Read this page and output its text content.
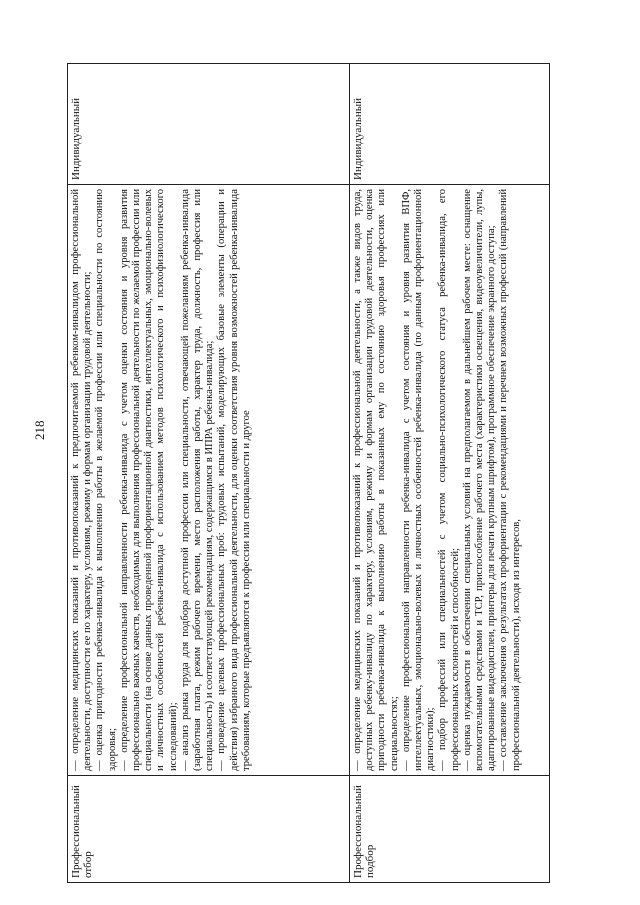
218
Профессиональный отбор	— определение медицинских показаний и противопоказаний к предпочитаемой ребенком-инвалидом профессиональной деятельности, доступности ее по характеру, условиям, режиму и формам организации трудовой деятельности; — оценка пригодности ребенка-инвалида к выполнению работы в желаемой профессии или специальности по состоянию здоровья; — определение профессиональной направленности ребенка-инвалида с учетом оценки состояния и уровня развития профессионально важных качеств, необходимых для выполнения профессиональной деятельности по желаемой профессии или специальности (на основе данных проведенной профориентационной диагностики, интеллектуальных, эмоционально-волевых и личностных особенностей ребенка-инвалида с использованием методов психологического и психофизиологического исследований); — анализ рынка труда для подбора доступной профессии или специальности, отвечающей пожеланиям ребенка-инвалида (заработная плата, режим рабочего времени, место расположения работы, характер труда, должность, профессия или специальность) и соответствующей рекомендациям, содержащимся в ИПРА ребенка-инвалида; — проведение целевых профессиональных проб: трудовых испытаний, моделирующих базовые элементы (операции и действия) избранного вида профессиональной деятельности, для оценки соответствия уровня возможностей ребенка-инвалида требованиям, которые предъявляются к профессии или специальности и другое	Индивидуальный
Профессиональный подбор	— определение медицинских показаний и противопоказаний к профессиональной деятельности, а также видов труда, доступных ребенку-инвалиду по характеру, условиям, режиму и формам организации трудовой деятельности, оценка пригодности ребенка-инвалида к выполнению работы в показанных ему по состоянию здоровья профессиях или специальностях; — определение профессиональной направленности ребенка-инвалида с учетом состояния и уровня развития ВПФ, интеллектуальных, эмоционально-волевых и личностных особенностей ребенка-инвалида (по данным профориентационной диагностики); — подбор профессий или специальностей с учетом социально-психологического статуса ребенка-инвалида, его профессиональных склонностей и способностей; — оценка нуждаемости в обеспечении специальных условий на предполагаемом в дальнейшем рабочем месте: оснащение вспомогательными средствами и ТСР, приспособление рабочего места (характеристики освещения, видеоувеличители, лупы, адаптированные видеодисплеи, принтеры для печати крупным шрифтом), программное обеспечение экранного доступа; — составление заключения о результатах профориентации с рекомендациями и перечнем возможных профессий (направлений профессиональной деятельности), исходя из интересов,	Индивидуальный
